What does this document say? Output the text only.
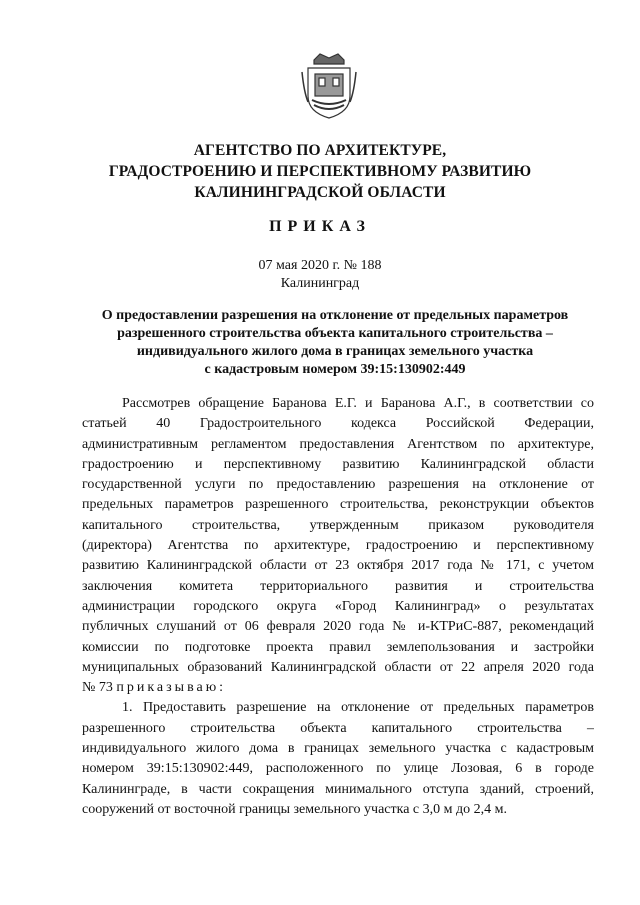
АГЕНТСТВО ПО АРХИТЕКТУРЕ,
ГРАДОСТРОЕНИЮ И ПЕРСПЕКТИВНОМУ РАЗВИТИЮ
КАЛИНИНГРАДСКОЙ ОБЛАСТИ
ПРИКАЗ
07 мая 2020 г. № 188
Калининград
О предоставлении разрешения на отклонение от предельных параметров
разрешенного строительства объекта капитального строительства –
индивидуального жилого дома в границах земельного участка
с кадастровым номером 39:15:130902:449
Рассмотрев обращение Баранова Е.Г. и Баранова А.Г., в соответствии со
статьей 40 Градостроительного кодекса Российской Федерации,
административным регламентом предоставления Агентством по архитектуре,
градостроению и перспективному развитию Калининградской области
государственной услуги по предоставлению разрешения на отклонение от
предельных параметров разрешенного строительства, реконструкции объектов
капитального строительства, утвержденным приказом руководителя
(директора) Агентства по архитектуре, градостроению и перспективному
развитию Калининградской области от 23 октября 2017 года № 171, с учетом
заключения комитета территориального развития и строительства
администрации городского округа «Город Калининград» о результатах
публичных слушаний от 06 февраля 2020 года № и-КТРиС-887, рекомендаций
комиссии по подготовке проекта правил землепользования и застройки
муниципальных образований Калининградской области от 22 апреля 2020 года
№ 73 приказываю:
1. Предоставить разрешение на отклонение от предельных параметров
разрешенного строительства объекта капитального строительства –
индивидуального жилого дома в границах земельного участка с кадастровым
номером 39:15:130902:449, расположенного по улице Лозовая, 6 в городе
Калининграде, в части сокращения минимального отступа зданий, строений,
сооружений от восточной границы земельного участка с 3,0 м до 2,4 м.
